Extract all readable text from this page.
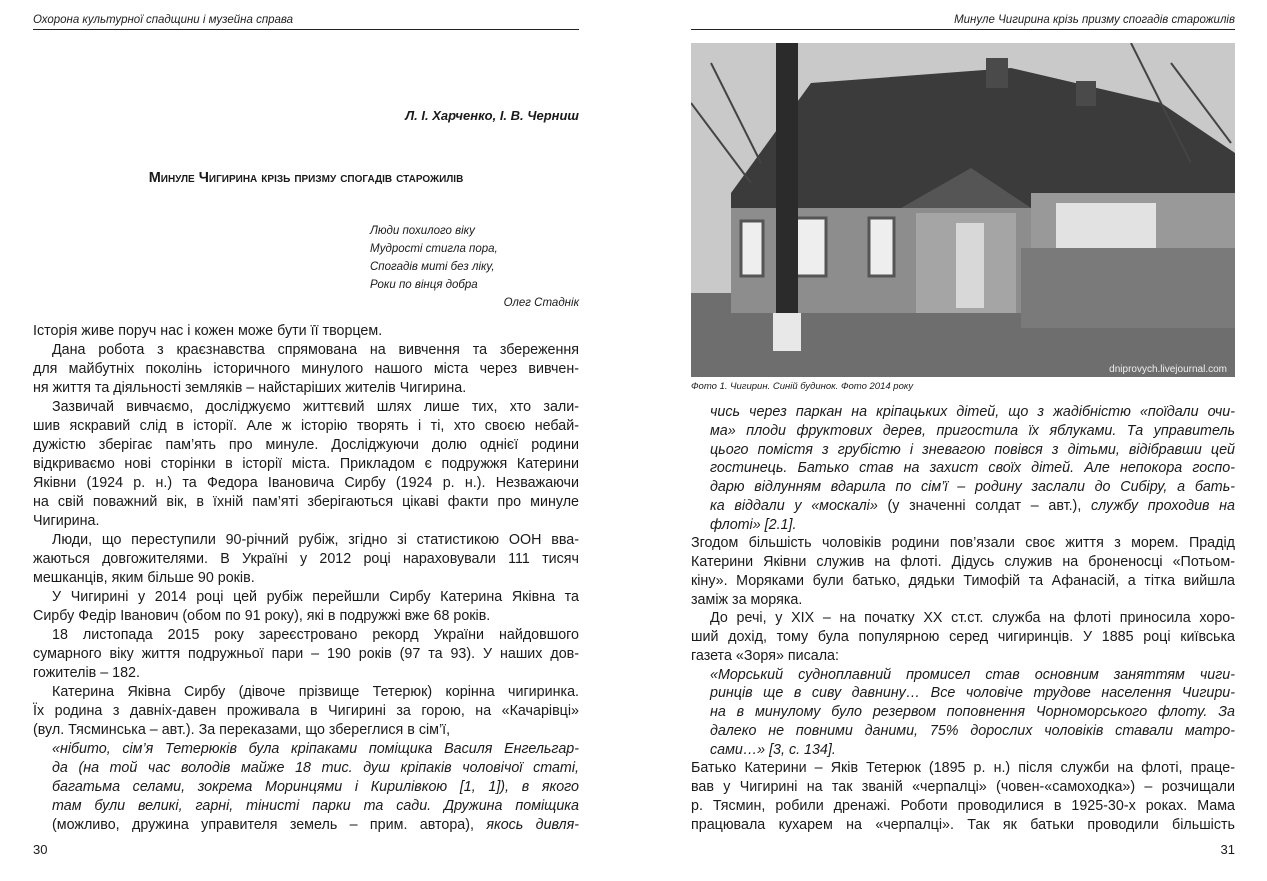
Охорона культурної спадщини і музейна справа
Л. І. Харченко, І. В. Черниш
Минуле Чигирина крізь призму спогадів старожилів
Люди похилого віку
Мудрості стигла пора,
Спогадів миті без ліку,
Роки по вінця добра
Олег Стаднік
Історія живе поруч нас і кожен може бути її творцем.
Дана робота з краєзнавства спрямована на вивчення та збереження
для майбутніх поколінь історичного минулого нашого міста через вивчен-
ня життя та діяльності земляків – найстаріших жителів Чигирина.
Зазвичай вивчаємо, досліджуємо життєвий шлях лише тих, хто зали-
шив яскравий слід в історії. Але ж історію творять і ті, хто своєю небай-
дужістю зберігає пам’ять про минуле. Досліджуючи долю однієї родини
відкриваємо нові сторінки в історії міста. Прикладом є подружжя Катерини
Яківни (1924 р. н.) та Федора Івановича Сирбу (1924 р. н.). Незважаючи
на свій поважний вік, в їхній пам’яті зберігаються цікаві факти про минуле
Чигирина.
Люди, що переступили 90-річний рубіж, згідно зі статистикою ООН вва-
жаються довгожителями. В Україні у 2012 році нараховували 111 тисяч
мешканців, яким більше 90 років.
У Чигирині у 2014 році цей рубіж перейшли Сирбу Катерина Яківна та
Сирбу Федір Іванович (обом по 91 року), які в подружжі вже 68 років.
18 листопада 2015 року зареєстровано рекорд України найдовшого
сумарного віку життя подружньої пари – 190 років (97 та 93). У наших дов-
гожителів – 182.
Катерина Яківна Сирбу (дівоче прізвище Тетерюк) корінна чигиринка.
Їх родина з давніх-давен проживала в Чигирині за горою, на «Качарівці»
(вул. Тясминська – авт.). За переказами, що збереглися в сім’ї,
«нібито, сім’я Тетерюків була кріпаками поміщика Василя Енгельгар-
да (на той час володів майже 18 тис. душ кріпаків чоловічої статі,
багатьма селами, зокрема Моринцями і Кирилівкою [1, 1]), в якого
там були великі, гарні, тінисті парки та сади. Дружина поміщика
(можливо, дружина управителя земель – прим. автора), якось дивля-
30
Минуле Чигирина крізь призму спогадів старожилів
dniprovych.livejournal.com
Фото 1. Чигирин. Синій будинок. Фото 2014 року
чись через паркан на кріпацьких дітей, що з жадібністю «поїдали очи-
ма» плоди фруктових дерев, пригостила їх яблуками. Та управитель
цього помістя з грубістю і зневагою повівся з дітьми, відібравши цей
гостинець. Батько став на захист своїх дітей. Але непокора госпо-
дарю відлунням вдарила по сім’ї – родину заслали до Сибіру, а бать-
ка віддали у «москалі» (у значенні солдат – авт.), службу проходив на
флоті» [2.1].
Згодом більшість чоловіків родини пов’язали своє життя з морем. Прадід
Катерини Яківни служив на флоті. Дідусь служив на броненосці «Потьом-
кіну». Моряками були батько, дядьки Тимофій та Афанасій, а тітка вийшла
заміж за моряка.
До речі, у ХІХ – на початку ХХ ст.ст. служба на флоті приносила хоро-
ший дохід, тому була популярною серед чигиринців. У 1885 році київська
газета «Зоря» писала:
«Морський судноплавний промисел став основним заняттям чиги-
ринців ще в сиву давнину… Все чоловіче трудове населення Чигири-
на в минулому було резервом поповнення Чорноморського флоту. За
далеко не повними даними, 75% дорослих чоловіків ставали матро-
сами…» [3, с. 134].
Батько Катерини – Яків Тетерюк (1895 р. н.) після служби на флоті, праце-
вав у Чигирині на так званій «черпалці» (човен-«самоходка») – розчищали
р. Тясмин, робили дренажі. Роботи проводилися в 1925-30-х роках. Мама
працювала кухарем на «черпалці». Так як батьки проводили більшість
31
